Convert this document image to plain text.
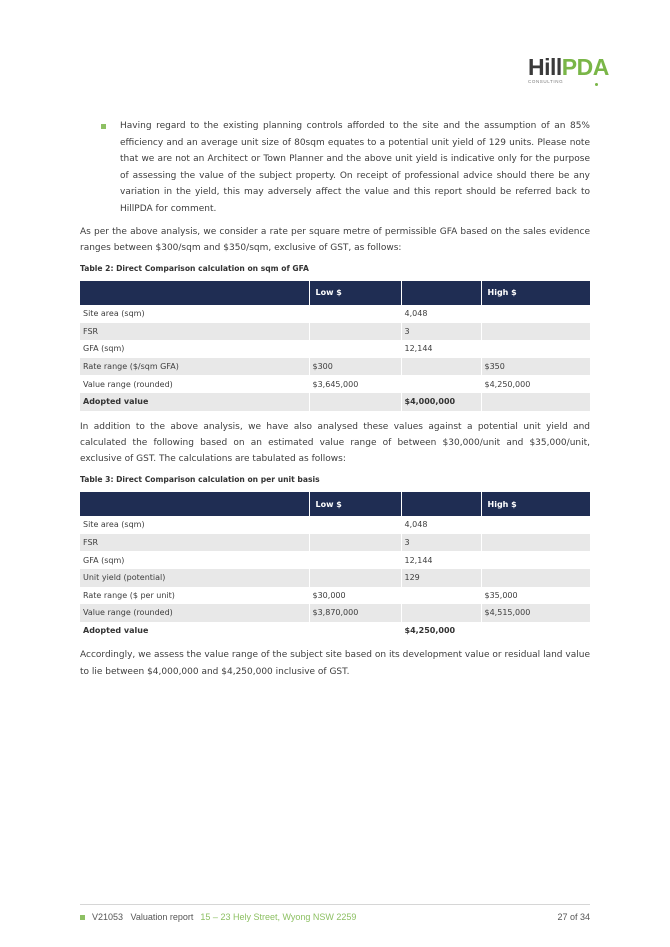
HillPDA
CONSULTING
Having regard to the existing planning controls afforded to the site and the assumption of an 85% efficiency and an average unit size of 80sqm equates to a potential unit yield of 129 units. Please note that we are not an Architect or Town Planner and the above unit yield is indicative only for the purpose of assessing the value of the subject property. On receipt of professional advice should there be any variation in the yield, this may adversely affect the value and this report should be referred back to HillPDA for comment.

As per the above analysis, we consider a rate per square metre of permissible GFA based on the sales evidence ranges between $300/sqm and $350/sqm, exclusive of GST, as follows:

Table 2: Direct Comparison calculation on sqm of GFA
	Low $		High $
Site area (sqm)		4,048	
FSR		3	
GFA (sqm)		12,144	
Rate range ($/sqm GFA)	$300		$350
Value range (rounded)	$3,645,000		$4,250,000
Adopted value		$4,000,000	

In addition to the above analysis, we have also analysed these values against a potential unit yield and calculated the following based on an estimated value range of between $30,000/unit and $35,000/unit, exclusive of GST. The calculations are tabulated as follows:

Table 3: Direct Comparison calculation on per unit basis
	Low $		High $
Site area (sqm)		4,048	
FSR		3	
GFA (sqm)		12,144	
Unit yield (potential)		129	
Rate range ($ per unit)	$30,000		$35,000
Value range (rounded)	$3,870,000		$4,515,000
Adopted value		$4,250,000	

Accordingly, we assess the value range of the subject site based on its development value or residual land value to lie between $4,000,000 and $4,250,000 inclusive of GST.

V21053 Valuation report 15 – 23 Hely Street, Wyong NSW 2259	27 of 34
